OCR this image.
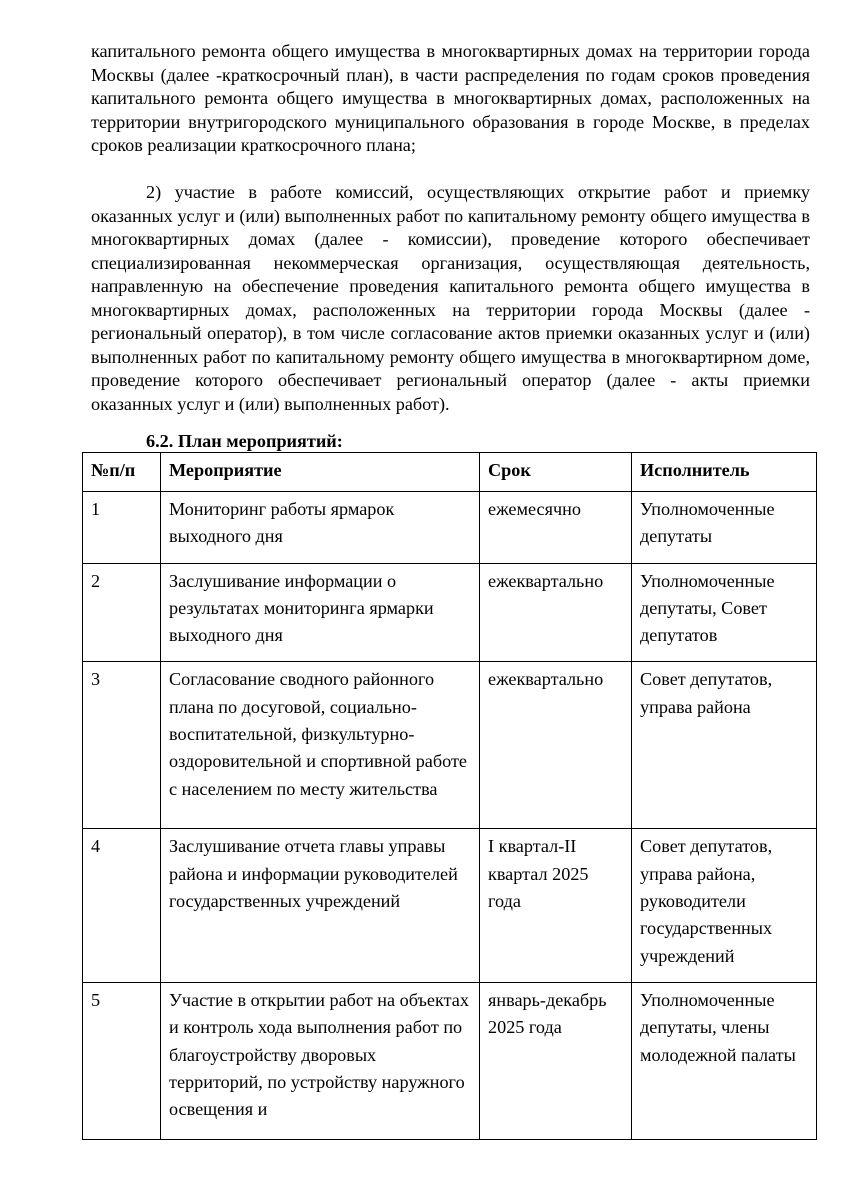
капитального ремонта общего имущества в многоквартирных домах на территории города Москвы (далее -краткосрочный план), в части распределения по годам сроков проведения капитального ремонта общего имущества в многоквартирных домах, расположенных на территории внутригородского муниципального образования в городе Москве, в пределах сроков реализации краткосрочного плана;

2) участие в работе комиссий, осуществляющих открытие работ и приемку оказанных услуг и (или) выполненных работ по капитальному ремонту общего имущества в многоквартирных домах (далее - комиссии), проведение которого обеспечивает специализированная некоммерческая организация, осуществляющая деятельность, направленную на обеспечение проведения капитального ремонта общего имущества в многоквартирных домах, расположенных на территории города Москвы (далее - региональный оператор), в том числе согласование актов приемки оказанных услуг и (или) выполненных работ по капитальному ремонту общего имущества в многоквартирном доме, проведение которого обеспечивает региональный оператор (далее - акты приемки оказанных услуг и (или) выполненных работ).

6.2. План мероприятий:

№п/п	Мероприятие	Срок	Исполнитель
1	Мониторинг работы ярмарок выходного дня	ежемесячно	Уполномоченные депутаты
2	Заслушивание информации о результатах мониторинга ярмарки выходного дня	ежеквартально	Уполномоченные депутаты, Совет депутатов
3	Согласование сводного районного плана по досуговой, социально-воспитательной, физкультурно-оздоровительной и спортивной работе с населением по месту жительства	ежеквартально	Совет депутатов, управа района
4	Заслушивание отчета главы управы района и информации руководителей государственных учреждений	I квартал-II квартал 2025 года	Совет депутатов, управа района, руководители государственных учреждений
5	Участие в открытии работ на объектах и контроль хода выполнения работ по благоустройству дворовых территорий, по устройству наружного освещения и	январь-декабрь 2025 года	Уполномоченные депутаты, члены молодежной палаты
